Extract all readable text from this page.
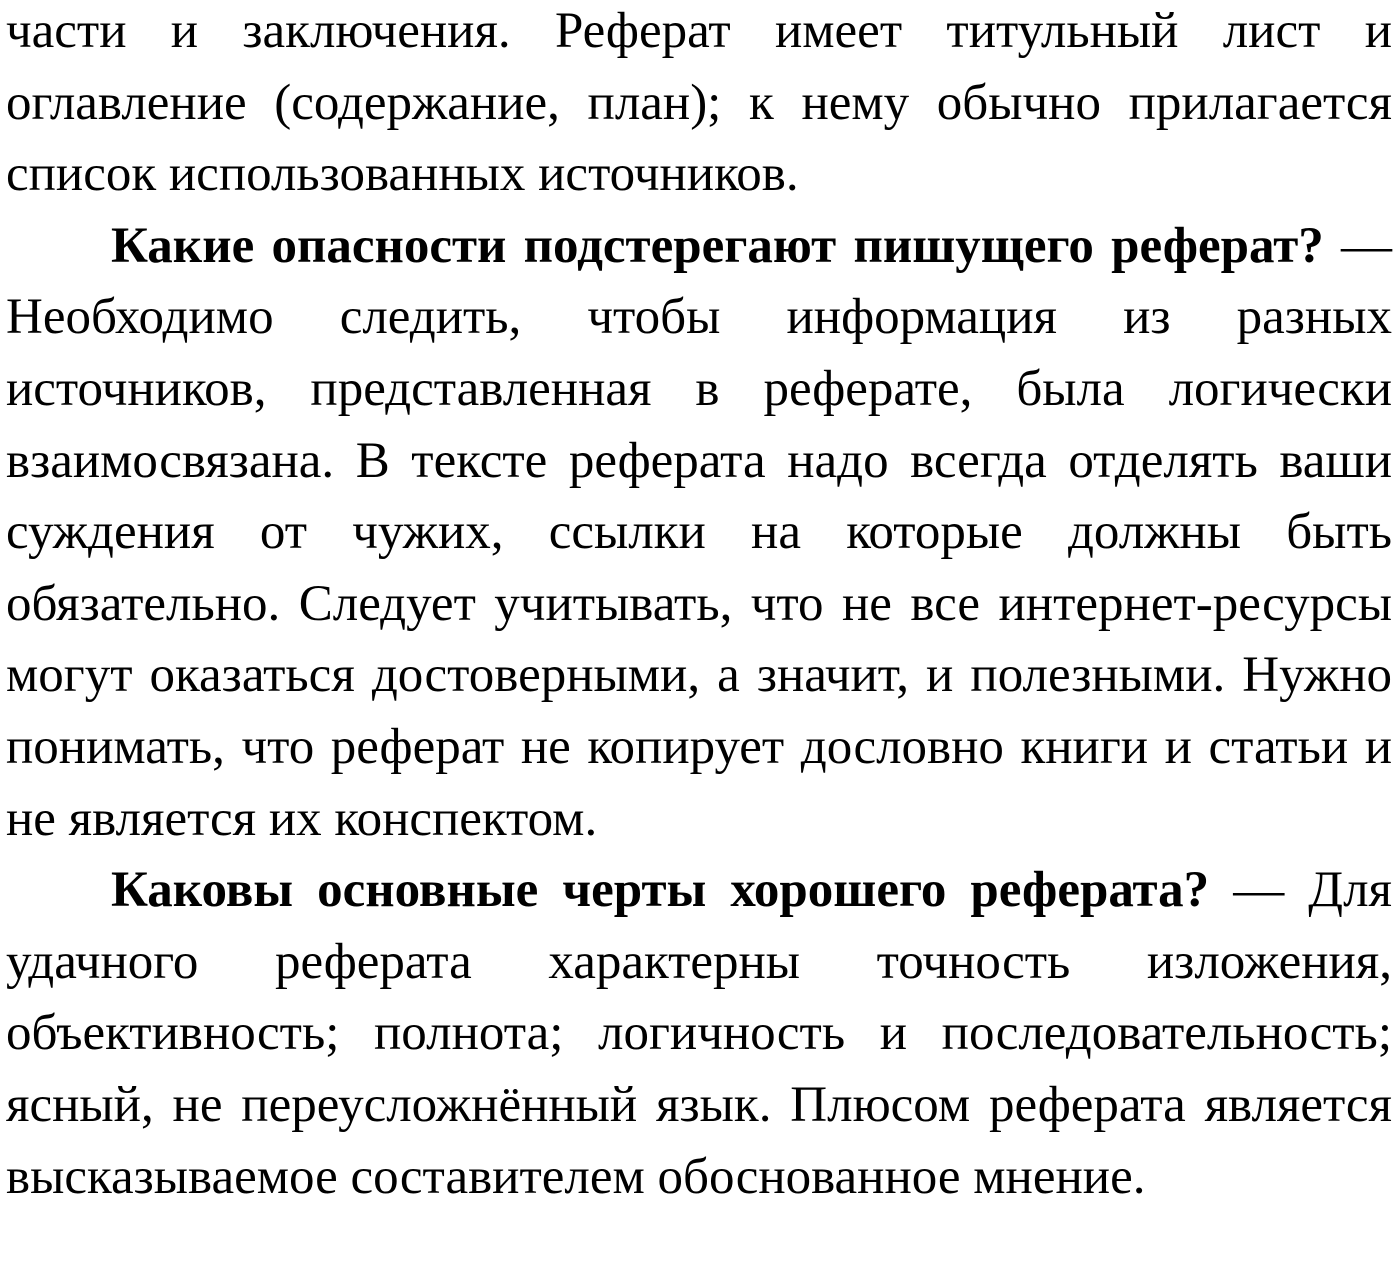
части и заключения. Реферат имеет титульный лист и оглавление (содержание, план); к нему обычно прилагается список использованных источников.

Какие опасности подстерегают пишущего реферат? — Необходимо следить, чтобы информация из разных источников, представленная в реферате, была логически взаимосвязана. В тексте реферата надо всегда отделять ваши суждения от чужих, ссылки на которые должны быть обязательно. Следует учитывать, что не все интернет-ресурсы могут оказаться достоверными, а значит, и полезными. Нужно понимать, что реферат не копирует дословно книги и статьи и не является их конспектом.

Каковы основные черты хорошего реферата? — Для удачного реферата характерны точность изложения, объективность; полнота; логичность и последовательность; ясный, не переусложнённый язык. Плюсом реферата является высказываемое составителем обоснованное мнение.
